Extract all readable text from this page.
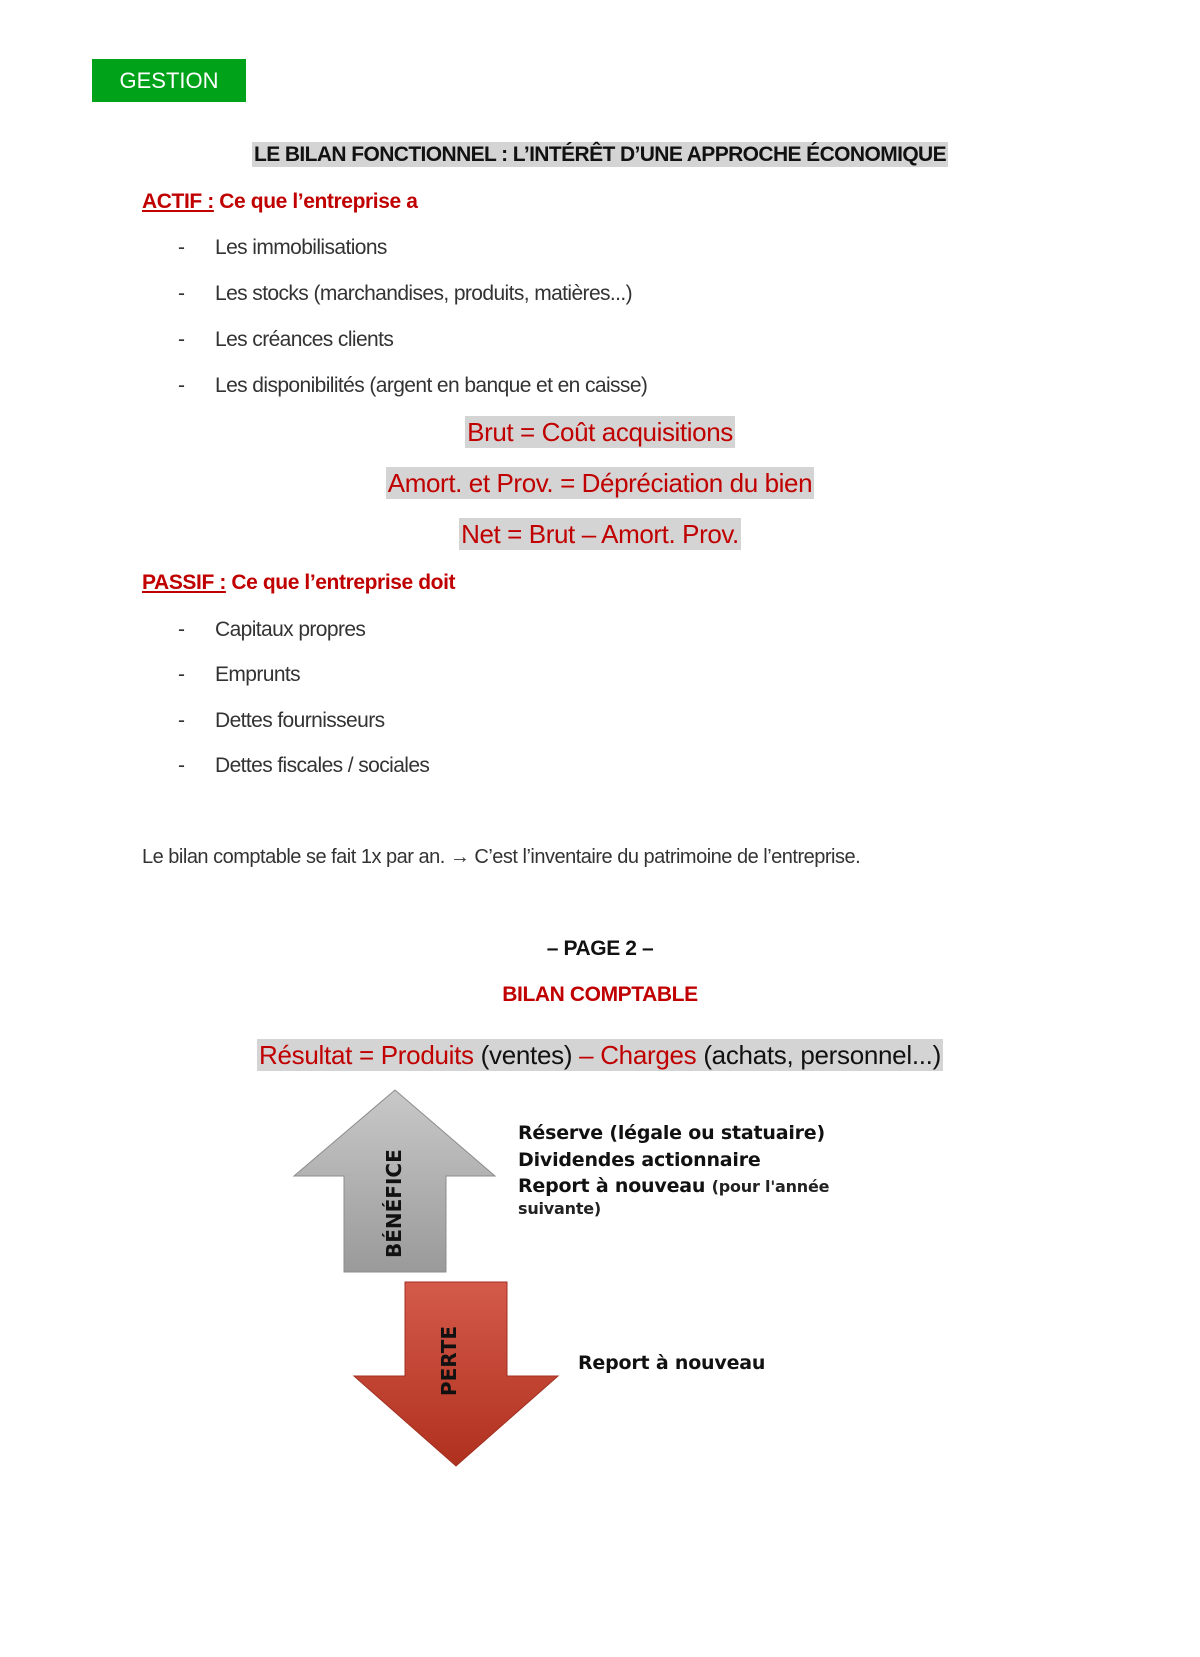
GESTION
LE BILAN FONCTIONNEL : L’INTÉRÊT D’UNE APPROCHE ÉCONOMIQUE
ACTIF : Ce que l’entreprise a
- Les immobilisations
- Les stocks (marchandises, produits, matières...)
- Les créances clients
- Les disponibilités (argent en banque et en caisse)
Brut = Coût acquisitions
Amort. et Prov. = Dépréciation du bien
Net = Brut – Amort. Prov.
PASSIF : Ce que l’entreprise doit
- Capitaux propres
- Emprunts
- Dettes fournisseurs
- Dettes fiscales / sociales
Le bilan comptable se fait 1x par an. → C’est l’inventaire du patrimoine de l’entreprise.
– PAGE 2 –
BILAN COMPTABLE
Résultat = Produits (ventes) – Charges (achats, personnel...)
BÉNÉFICE
PERTE
Réserve (légale ou statuaire)
Dividendes actionnaire
Report à nouveau (pour l'année
suivante)
Report à nouveau
